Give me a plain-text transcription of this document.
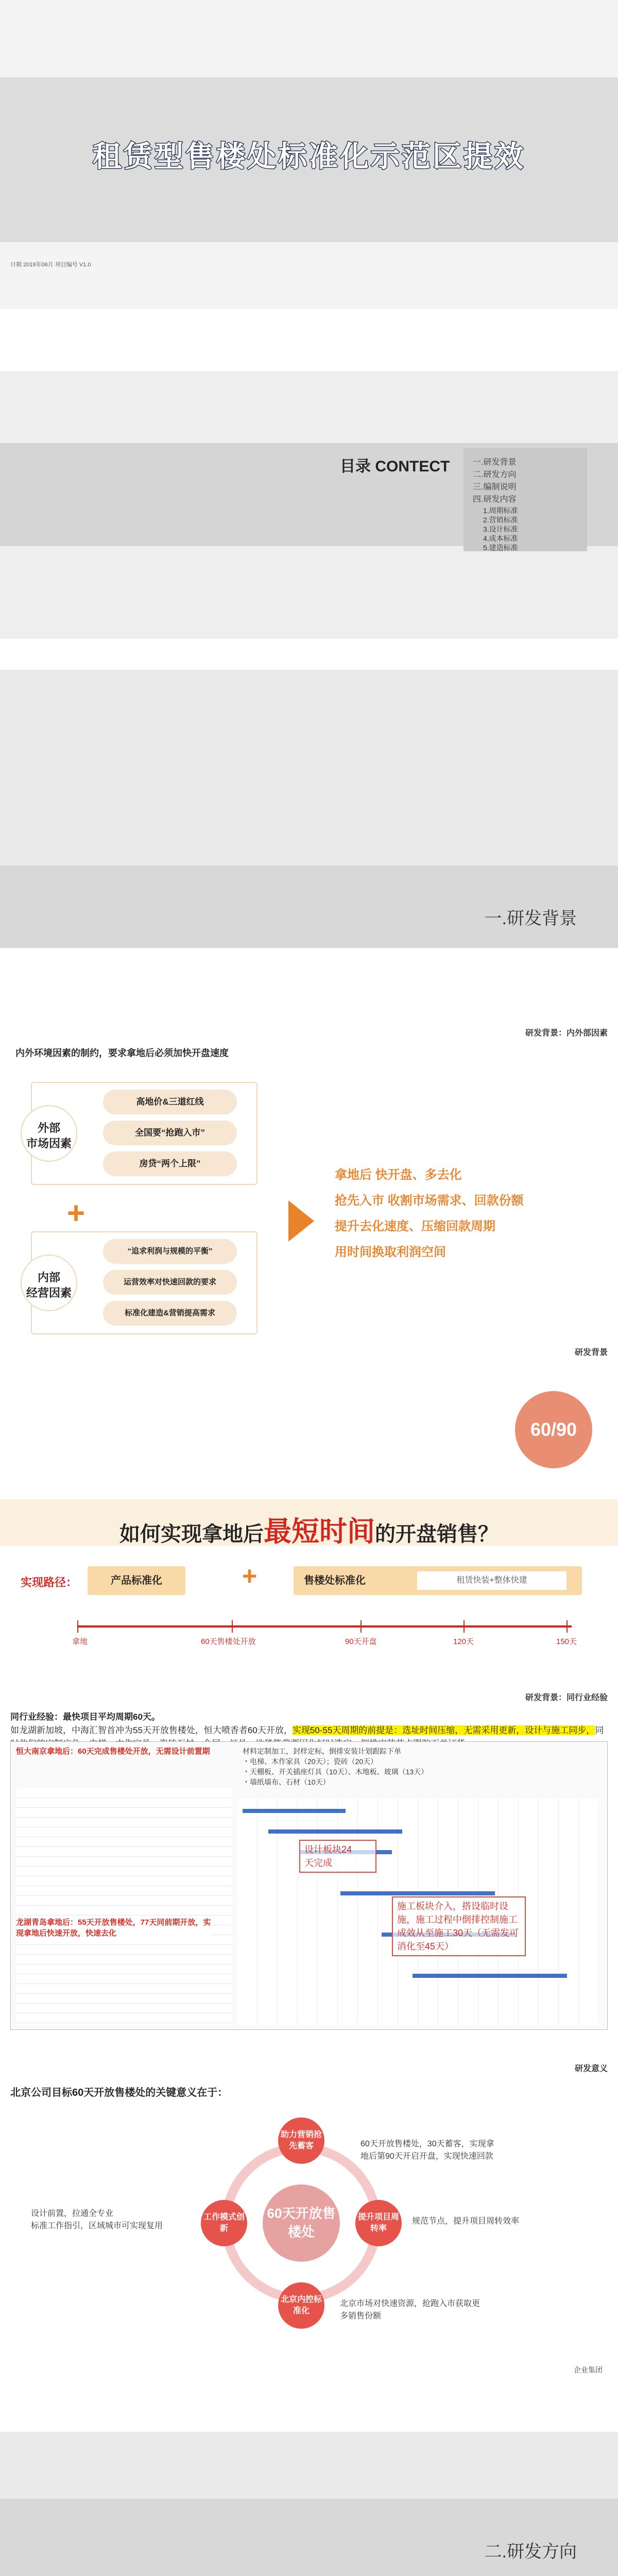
租赁型售楼处标准化示范区提效
日期 2019年06月 项目编号 V1.0
目录 CONTECT	一.研发背景
二.研发方向
三.编制说明
四.研发内容
1.周期标准
2.营销标准
3.设计标准
4.成本标准
5.建造标准
一.研发背景
研发背景：内外部因素
内外环境因素的制约，要求拿地后必须加快开盘速度
外部
市场因素
高地价&三道红线
全国要“抢跑入市”
房贷“两个上限”
+
内部
经营因素
“追求利润与规模的平衡”
运营效率对快速回款的要求
标准化建造&营销提高需求
拿地后 快开盘、多去化
抢先入市 收割市场需求、回款份额
提升去化速度、压缩回款周期
用时间换取利润空间
研发背景
60/90
如何实现拿地后最短时间的开盘销售？
实现路径：	产品标准化	+	售楼处标准化	租赁快装+整体快建
拿地	60天售楼处开放	90天开盘	120天	150天
研发背景：同行业经验
同行业经验：最快项目平均周期60天。
如龙湖新加坡，中海汇智首冲为55天开放售楼处，恒大喷香者60天开放，实现50-55天周期的前提是：选址时间压缩，无需采用更新，设计与施工同步，同
恒大南京拿地后：60天完成售楼处开放，无需设计前置期	材料定制加工，封样定标，倒排安装计划跟踪下单
・电梯、木作家具（20天）；瓷砖（20天）
・天棚板、开关插座灯具（10天）、木地板、玻璃（13天）
・墙纸墙布、石材（10天）
设计板块24
天完成
施工板块介入，搭设临时设施，施工过程中倒排控制施工成效从至施工30天（无需发可消化至45天）
龙湖青岛拿地后：55天开放售楼处，77天同前期开放，实现拿地后快速开放，快速去化
研发意义
北京公司目标60天开放售楼处的关键意义在于：
60天开放售楼处
助力营销抢先蓄客
提升项目周转率
北京内控标准化
工作模式创新
60天开放售楼处，30天蓄客，实现拿地后第90天开启开盘，实现快速回款
规范节点，提升项目周转效率
北京市场对快速资源，抢跑入市获取更多销售份额
设计前置，拉通全专业
标准工作指引，区域城市可实现复用
企业集团
二.研发方向
